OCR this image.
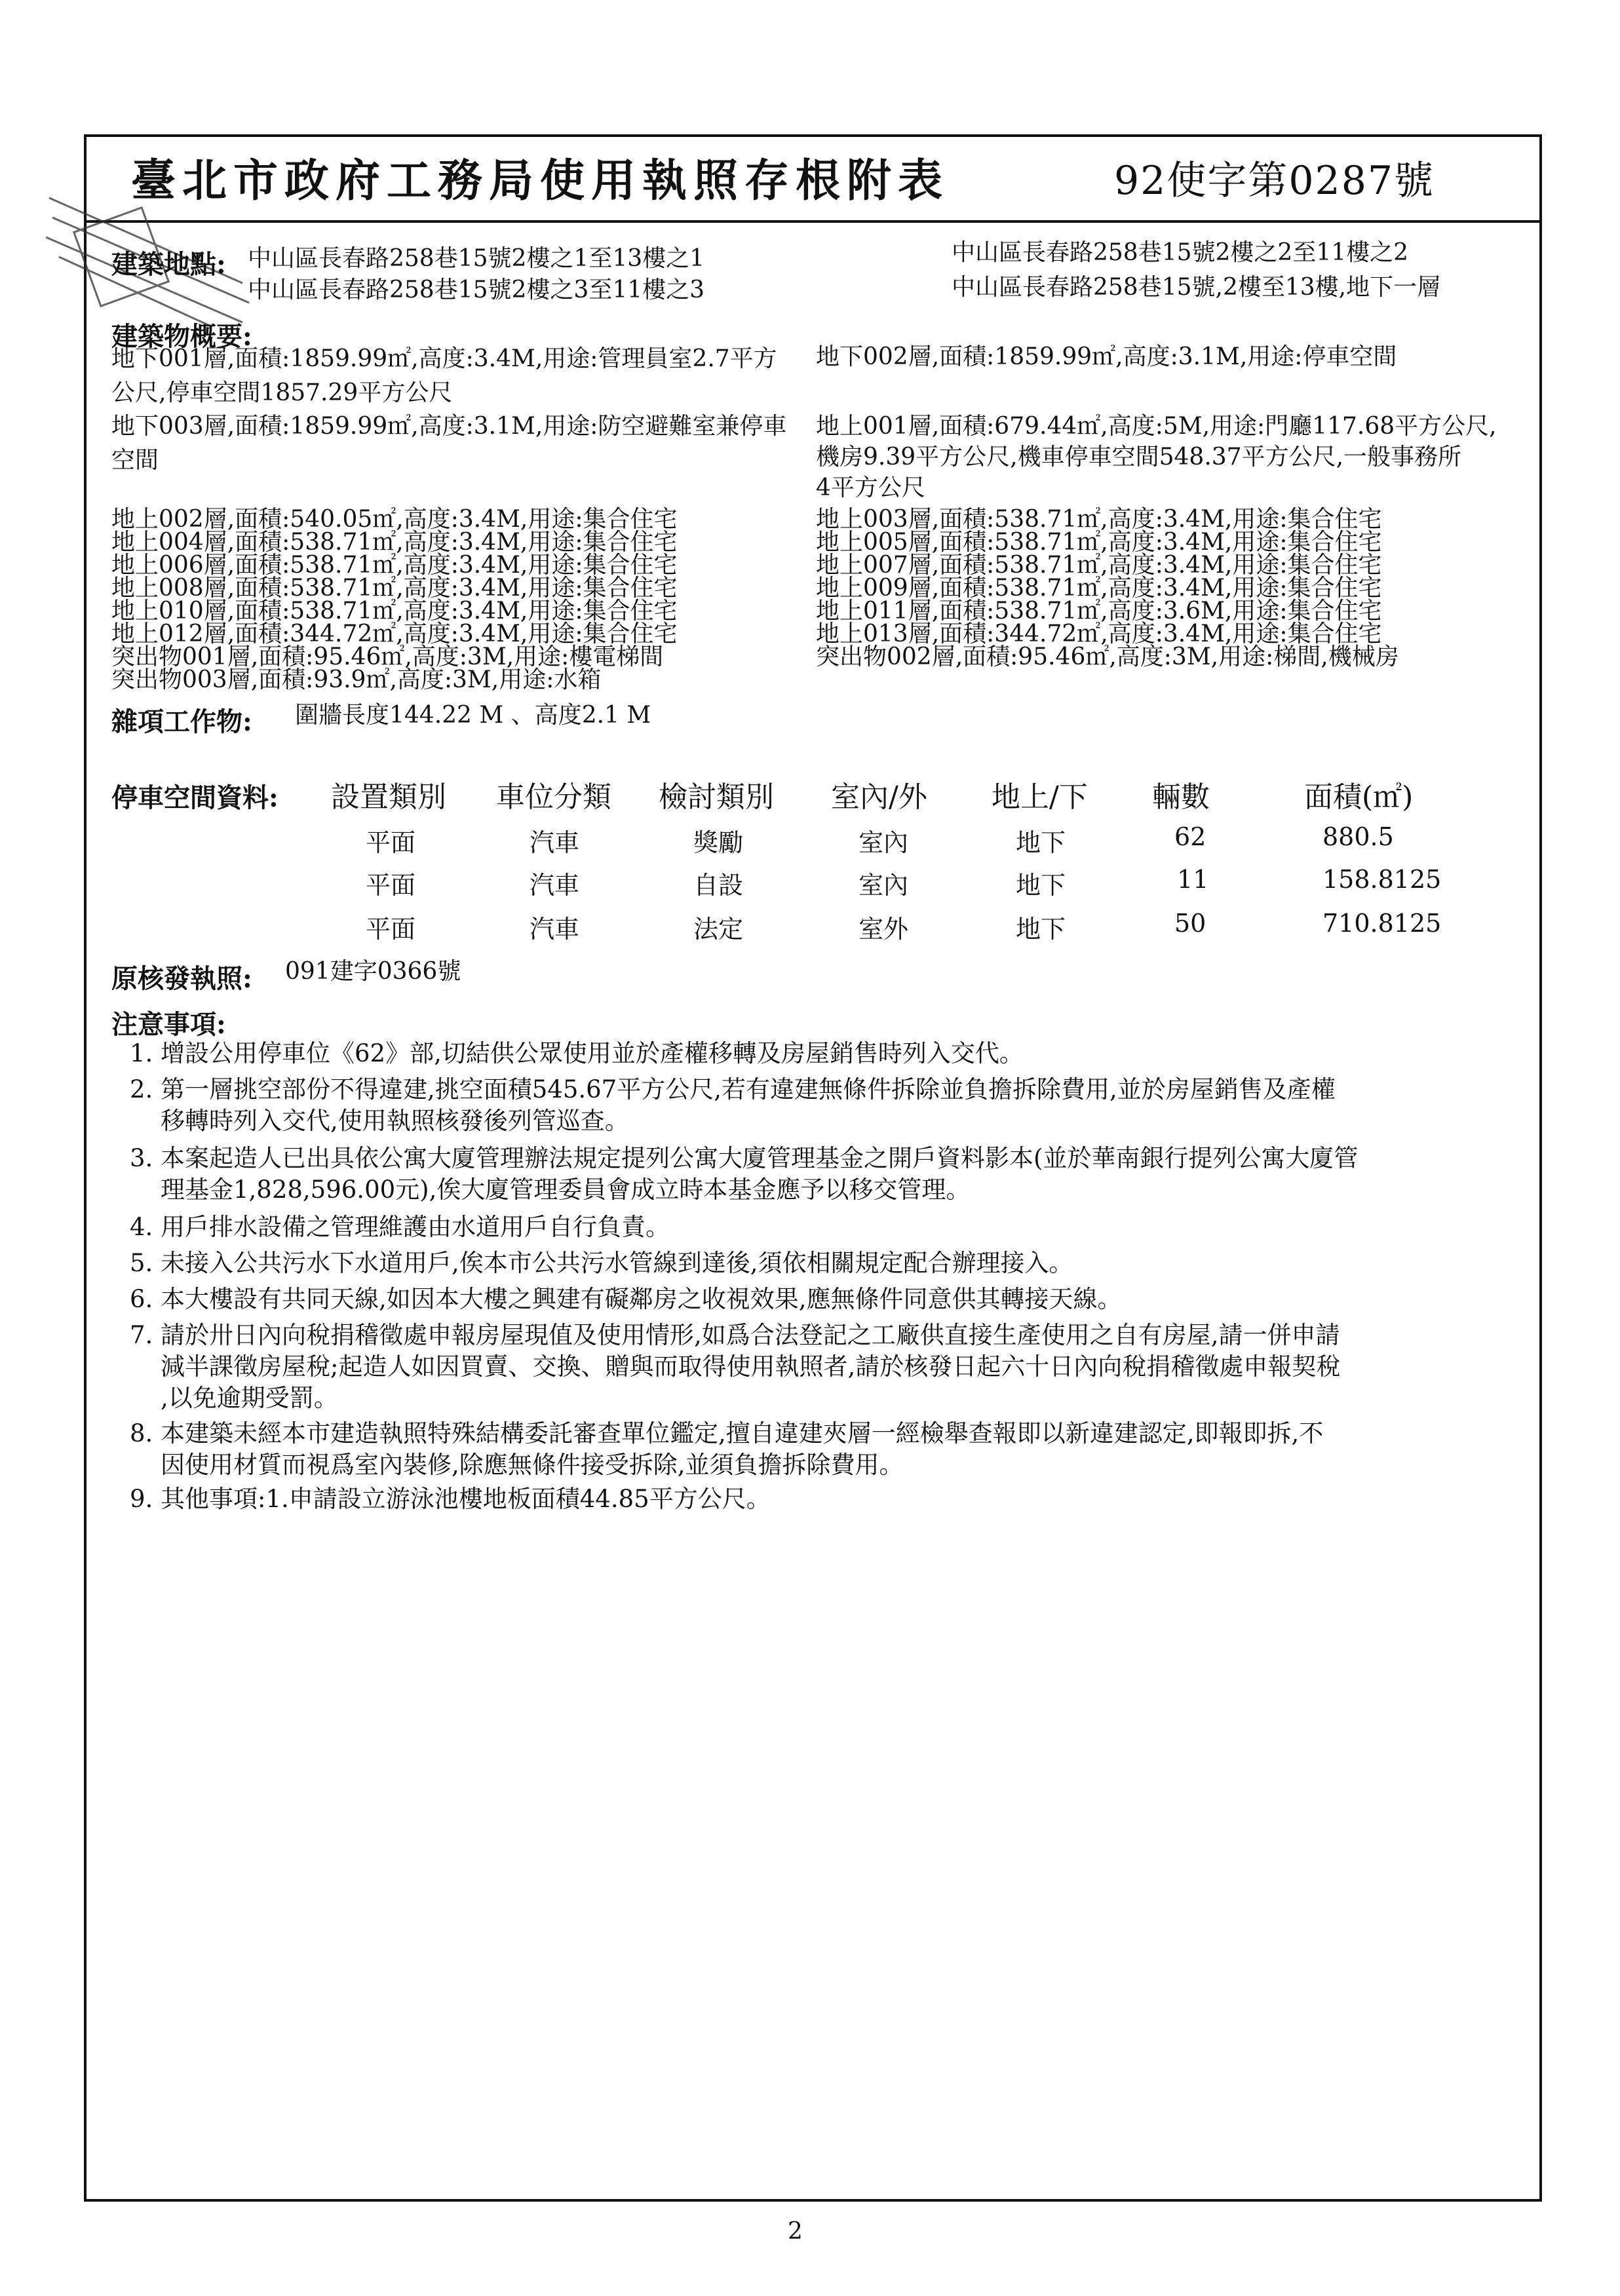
臺北市政府工務局使用執照存根附表	92使字第0287號
建築地點: 中山區長春路258巷15號2樓之1至13樓之1
中山區長春路258巷15號2樓之3至11樓之3
中山區長春路258巷15號2樓之2至11樓之2
中山區長春路258巷15號,2樓至13樓,地下一層
建築物概要:
地下001層,面積:1859.99㎡,高度:3.4M,用途:管理員室2.7平方
公尺,停車空間1857.29平方公尺
地下002層,面積:1859.99㎡,高度:3.1M,用途:停車空間
地下003層,面積:1859.99㎡,高度:3.1M,用途:防空避難室兼停車
空間
地上001層,面積:679.44㎡,高度:5M,用途:門廳117.68平方公尺,
機房9.39平方公尺,機車停車空間548.37平方公尺,一般事務所
4平方公尺
地上002層,面積:540.05㎡,高度:3.4M,用途:集合住宅
地上004層,面積:538.71㎡,高度:3.4M,用途:集合住宅
地上006層,面積:538.71㎡,高度:3.4M,用途:集合住宅
地上008層,面積:538.71㎡,高度:3.4M,用途:集合住宅
地上010層,面積:538.71㎡,高度:3.4M,用途:集合住宅
地上012層,面積:344.72㎡,高度:3.4M,用途:集合住宅
突出物001層,面積:95.46㎡,高度:3M,用途:樓電梯間
突出物003層,面積:93.9㎡,高度:3M,用途:水箱
地上003層,面積:538.71㎡,高度:3.4M,用途:集合住宅
地上005層,面積:538.71㎡,高度:3.4M,用途:集合住宅
地上007層,面積:538.71㎡,高度:3.4M,用途:集合住宅
地上009層,面積:538.71㎡,高度:3.4M,用途:集合住宅
地上011層,面積:538.71㎡,高度:3.6M,用途:集合住宅
地上013層,面積:344.72㎡,高度:3.4M,用途:集合住宅
突出物002層,面積:95.46㎡,高度:3M,用途:梯間,機械房
雜項工作物: 圍牆長度144.22 M 、高度2.1 M
停車空間資料: 設置類別 車位分類 檢討類別 室內/外 地上/下 輛數	面積(㎡)
平面	汽車	獎勵	室內	地下	62	880.5
平面	汽車	自設	室內	地下	11	158.8125
平面	汽車	法定	室外	地下	50	710.8125
原核發執照: 091建字0366號
注意事項:
1. 增設公用停車位《62》部,切結供公眾使用並於產權移轉及房屋銷售時列入交代。
2. 第一層挑空部份不得違建,挑空面積545.67平方公尺,若有違建無條件拆除並負擔拆除費用,並於房屋銷售及產權
移轉時列入交代,使用執照核發後列管巡查。
3. 本案起造人已出具依公寓大廈管理辦法規定提列公寓大廈管理基金之開戶資料影本(並於華南銀行提列公寓大廈管
理基金1,828,596.00元),俟大廈管理委員會成立時本基金應予以移交管理。
4. 用戶排水設備之管理維護由水道用戶自行負責。
5. 未接入公共污水下水道用戶,俟本市公共污水管線到達後,須依相關規定配合辦理接入。
6. 本大樓設有共同天線,如因本大樓之興建有礙鄰房之收視效果,應無條件同意供其轉接天線。
7. 請於卅日內向稅捐稽徵處申報房屋現值及使用情形,如爲合法登記之工廠供直接生產使用之自有房屋,請一併申請
減半課徵房屋稅;起造人如因買賣、交換、贈與而取得使用執照者,請於核發日起六十日內向稅捐稽徵處申報契稅
,以免逾期受罰。
8. 本建築未經本市建造執照特殊結構委託審查單位鑑定,擅自違建夾層一經檢舉查報即以新違建認定,即報即拆,不
因使用材質而視爲室內裝修,除應無條件接受拆除,並須負擔拆除費用。
9. 其他事項:1.申請設立游泳池樓地板面積44.85平方公尺。
2
